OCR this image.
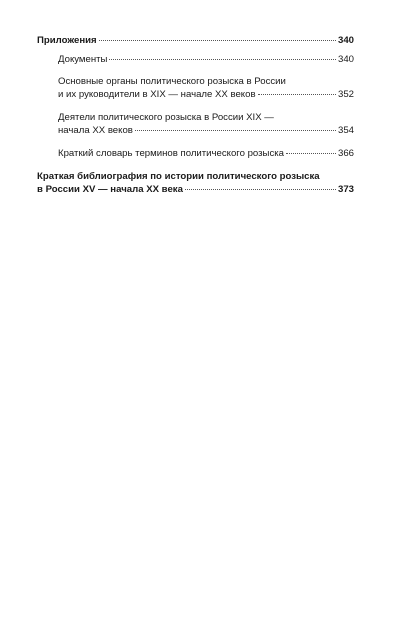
Приложения	340
Документы	340
Основные органы политического розыска в России
и их руководители в XIX — начале XX веков	352
Деятели политического розыска в России XIX —
начала XX веков	354
Краткий словарь терминов политического розыска	366
Краткая библиография по истории политического розыска
в России XV — начала XX века	373
